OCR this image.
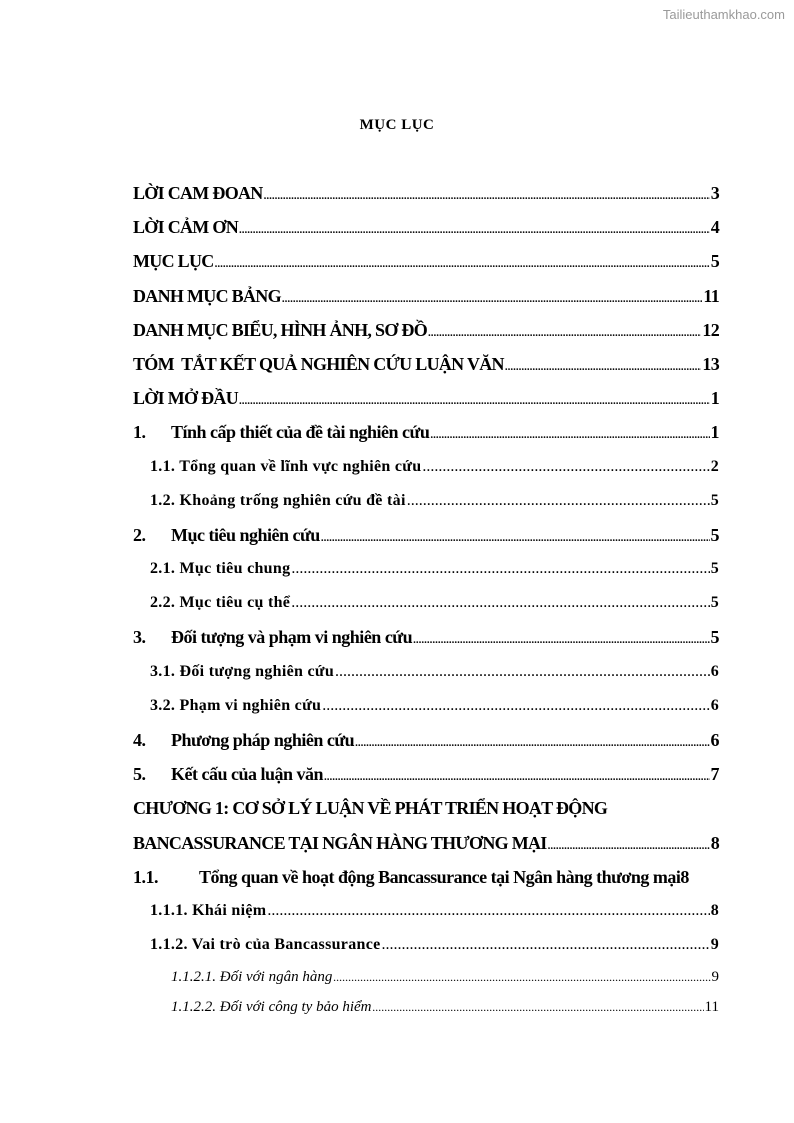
Tailieuthamkhao.com
MỤC LỤC
LỜI CAM ĐOAN .....	3
LỜI CẢM ƠN .....	4
MỤC LỤC .....	5
DANH MỤC BẢNG .....	11
DANH MỤC BIỂU, HÌNH ẢNH, SƠ ĐỒ .....	12
TÓM  TẮT KẾT QUẢ NGHIÊN CỨU LUẬN VĂN .....	13
LỜI MỞ ĐẦU .....	1
1. Tính cấp thiết của đề tài nghiên cứu .....	1
1.1. Tổng quan về lĩnh vực nghiên cứu .....	2
1.2. Khoảng trống nghiên cứu đề tài .....	5
2. Mục tiêu nghiên cứu .....	5
2.1. Mục tiêu chung .....	5
2.2. Mục tiêu cụ thể .....	5
3. Đối tượng và phạm vi nghiên cứu .....	5
3.1. Đối tượng nghiên cứu .....	6
3.2. Phạm vi nghiên cứu .....	6
4. Phương pháp nghiên cứu .....	6
5. Kết cấu của luận văn .....	7
CHƯƠNG 1: CƠ SỞ LÝ LUẬN VỀ PHÁT TRIỂN HOẠT ĐỘNG
BANCASSURANCE TẠI NGÂN HÀNG THƯƠNG MẠI .....	8
1.1. Tổng quan về hoạt động Bancassurance tại Ngân hàng thương mại 8
1.1.1. Khái niệm .....	8
1.1.2. Vai trò của Bancassurance .....	9
1.1.2.1. Đối với ngân hàng .....	9
1.1.2.2. Đối với công ty bảo hiểm .....	11
